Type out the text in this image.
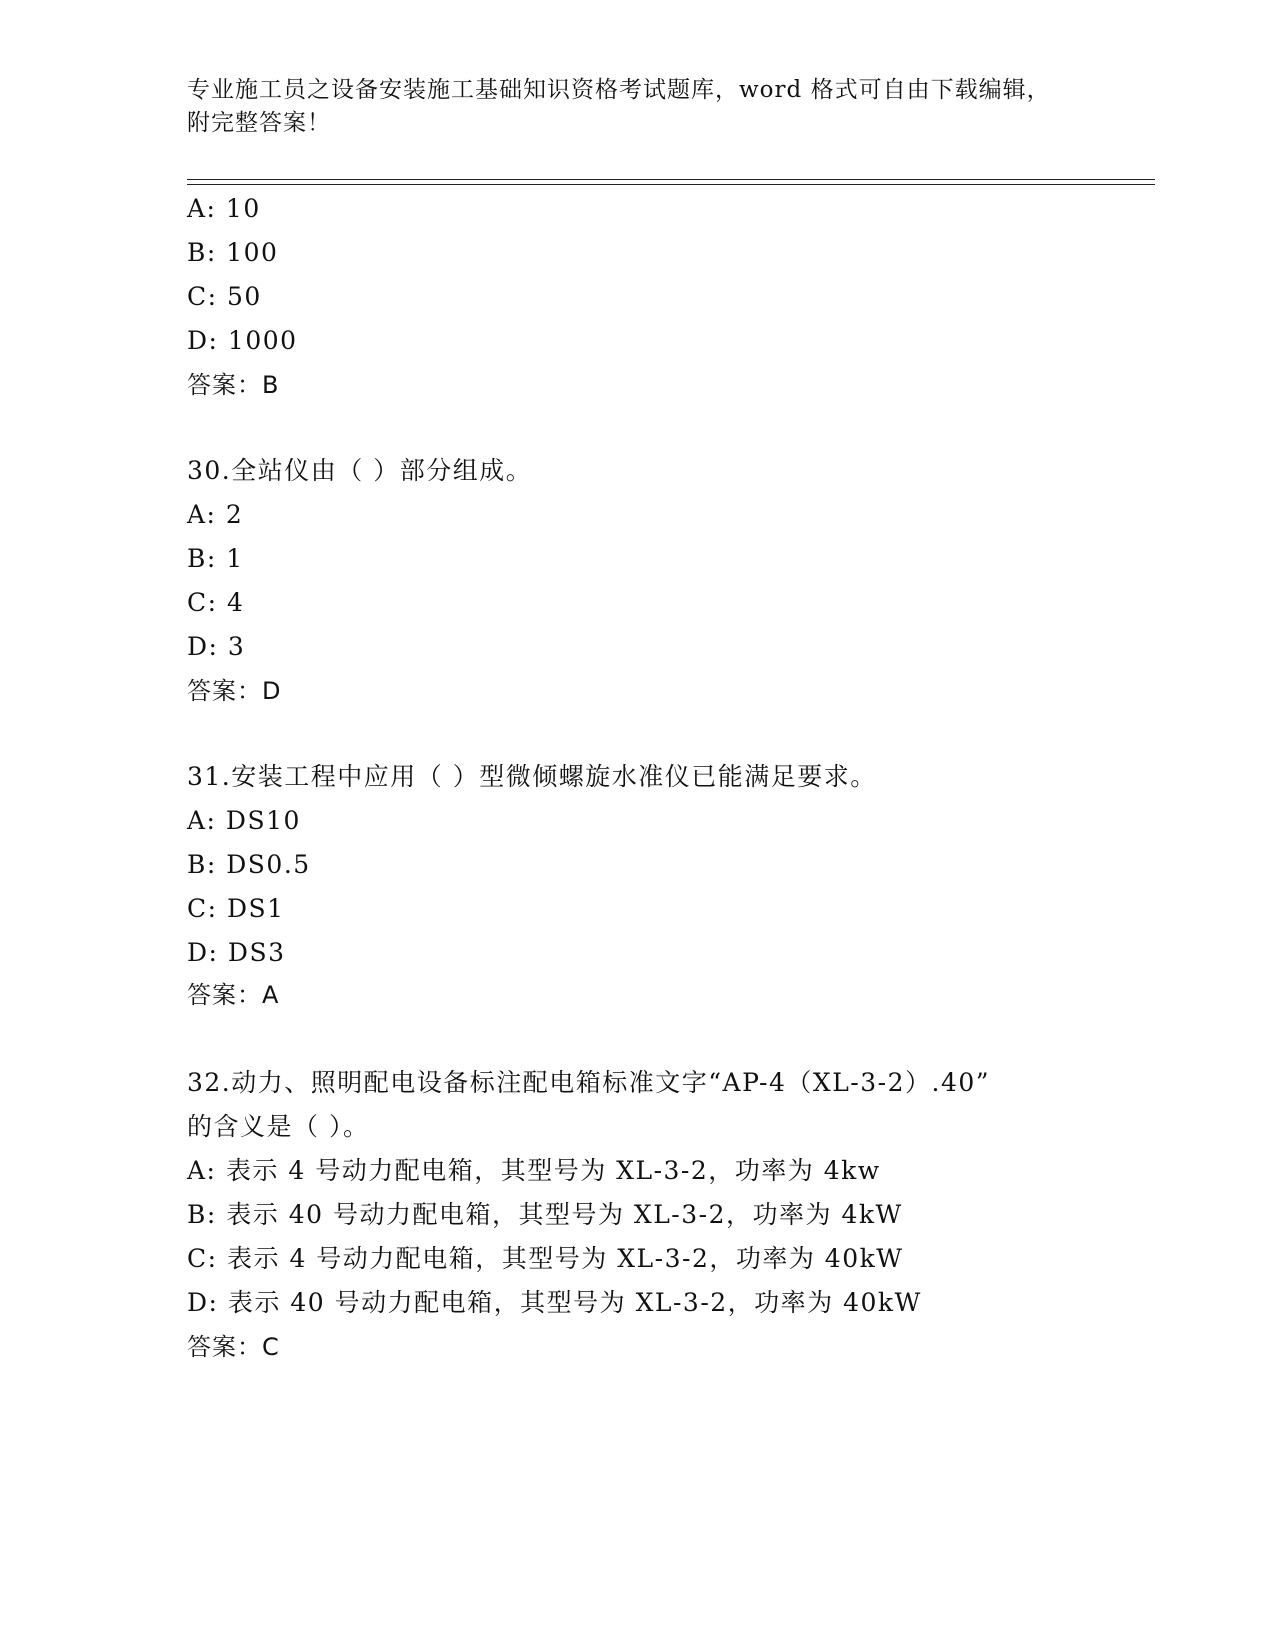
专业施工员之设备安装施工基础知识资格考试题库，word 格式可自由下载编辑，
附完整答案！
A: 10
B: 100
C: 50
D: 1000
答案：B
30.全站仪由（ ）部分组成。
A: 2
B: 1
C: 4
D: 3
答案：D
31.安装工程中应用（ ）型微倾螺旋水准仪已能满足要求。
A: DS10
B: DS0.5
C: DS1
D: DS3
答案：A
32.动力、照明配电设备标注配电箱标准文字“AP-4（XL-3-2）.40”
的含义是（ ）。
A: 表示 4 号动力配电箱，其型号为 XL-3-2，功率为 4kw
B: 表示 40 号动力配电箱，其型号为 XL-3-2，功率为 4kW
C: 表示 4 号动力配电箱，其型号为 XL-3-2，功率为 40kW
D: 表示 40 号动力配电箱，其型号为 XL-3-2，功率为 40kW
答案：C
